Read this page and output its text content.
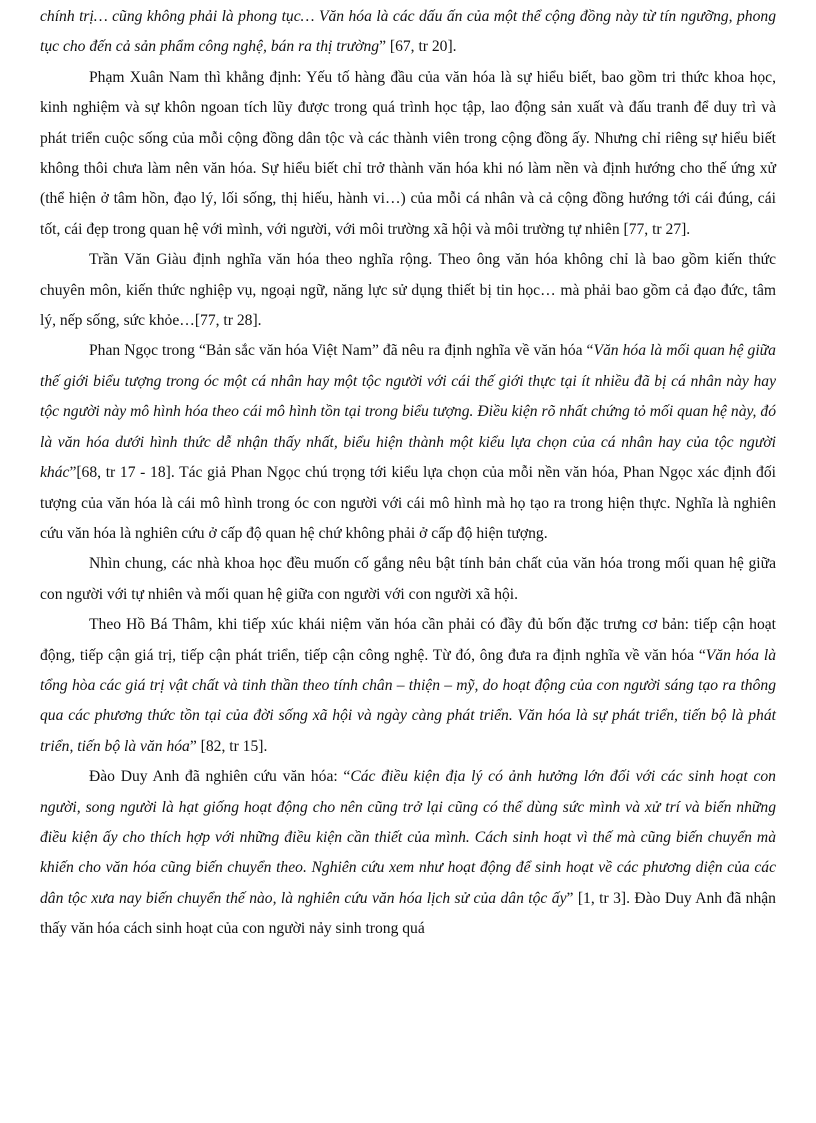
chính trị… cũng không phải là phong tục… Văn hóa là các dấu ấn của một thể cộng đồng này từ tín ngưỡng, phong tục cho đến cả sản phẩm công nghệ, bán ra thị trường” [67, tr 20].

Phạm Xuân Nam thì khẳng định: Yếu tố hàng đầu của văn hóa là sự hiểu biết, bao gồm tri thức khoa học, kinh nghiệm và sự khôn ngoan tích lũy được trong quá trình học tập, lao động sản xuất và đấu tranh để duy trì và phát triển cuộc sống của mỗi cộng đồng dân tộc và các thành viên trong cộng đồng ấy. Nhưng chỉ riêng sự hiểu biết không thôi chưa làm nên văn hóa. Sự hiểu biết chỉ trở thành văn hóa khi nó làm nền và định hướng cho thế ứng xử (thể hiện ở tâm hồn, đạo lý, lối sống, thị hiếu, hành vi…) của mỗi cá nhân và cả cộng đồng hướng tới cái đúng, cái tốt, cái đẹp trong quan hệ với mình, với người, với môi trường xã hội và môi trường tự nhiên [77, tr 27].

Trần Văn Giàu định nghĩa văn hóa theo nghĩa rộng. Theo ông văn hóa không chỉ là bao gồm kiến thức chuyên môn, kiến thức nghiệp vụ, ngoại ngữ, năng lực sử dụng thiết bị tin học… mà phải bao gồm cả đạo đức, tâm lý, nếp sống, sức khỏe…[77, tr 28].

Phan Ngọc trong “Bản sắc văn hóa Việt Nam” đã nêu ra định nghĩa về văn hóa “Văn hóa là mối quan hệ giữa thế giới biểu tượng trong óc một cá nhân hay một tộc người với cái thế giới thực tại ít nhiều đã bị cá nhân này hay tộc người này mô hình hóa theo cái mô hình tồn tại trong biểu tượng. Điều kiện rõ nhất chứng tỏ mối quan hệ này, đó là văn hóa dưới hình thức dễ nhận thấy nhất, biểu hiện thành một kiểu lựa chọn của cá nhân hay của tộc người khác”[68, tr 17 - 18]. Tác giả Phan Ngọc chú trọng tới kiểu lựa chọn của mỗi nền văn hóa, Phan Ngọc xác định đối tượng của văn hóa là cái mô hình trong óc con người với cái mô hình mà họ tạo ra trong hiện thực. Nghĩa là nghiên cứu văn hóa là nghiên cứu ở cấp độ quan hệ chứ không phải ở cấp độ hiện tượng.

Nhìn chung, các nhà khoa học đều muốn cố gắng nêu bật tính bản chất của văn hóa trong mối quan hệ giữa con người với tự nhiên và mối quan hệ giữa con người với con người xã hội.

Theo Hồ Bá Thâm, khi tiếp xúc khái niệm văn hóa cần phải có đầy đủ bốn đặc trưng cơ bản: tiếp cận hoạt động, tiếp cận giá trị, tiếp cận phát triển, tiếp cận công nghệ. Từ đó, ông đưa ra định nghĩa về văn hóa “Văn hóa là tổng hòa các giá trị vật chất và tinh thần theo tính chân – thiện – mỹ, do hoạt động của con người sáng tạo ra thông qua các phương thức tồn tại của đời sống xã hội và ngày càng phát triển. Văn hóa là sự phát triển, tiến bộ là phát triển, tiến bộ là văn hóa” [82, tr 15].

Đào Duy Anh đã nghiên cứu văn hóa: “Các điều kiện địa lý có ảnh hưởng lớn đối với các sinh hoạt con người, song người là hạt giống hoạt động cho nên cũng trở lại cũng có thể dùng sức mình và xử trí và biến những điều kiện ấy cho thích hợp với những điều kiện cần thiết của mình. Cách sinh hoạt vì thế mà cũng biến chuyển mà khiến cho văn hóa cũng biến chuyển theo. Nghiên cứu xem như hoạt động để sinh hoạt về các phương diện của các dân tộc xưa nay biến chuyển thế nào, là nghiên cứu văn hóa lịch sử của dân tộc ấy” [1, tr 3]. Đào Duy Anh đã nhận thấy văn hóa cách sinh hoạt của con người nảy sinh trong quá
